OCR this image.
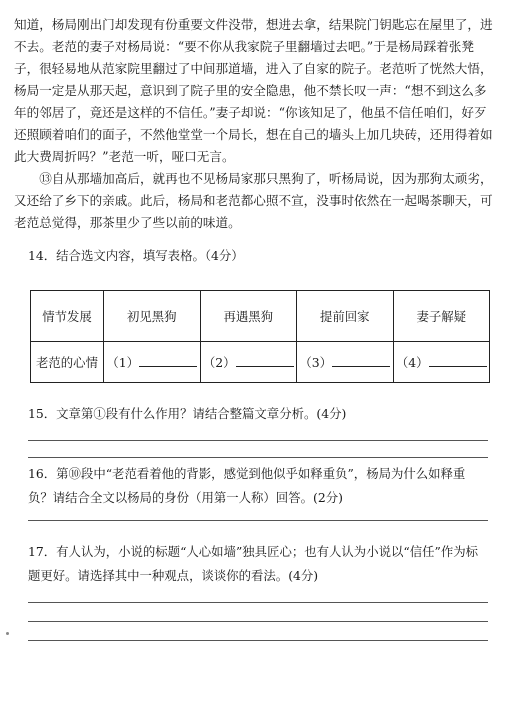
知道，杨局刚出门却发现有份重要文件没带，想进去拿，结果院门钥匙忘在屋里了，进不去。老范的妻子对杨局说：“要不你从我家院子里翻墙过去吧。”于是杨局踩着张凳子，很轻易地从范家院里翻过了中间那道墙，进入了自家的院子。老范听了恍然大悟，杨局一定是从那天起，意识到了院子里的安全隐患，他不禁长叹一声：“想不到这么多年的邻居了，竟还是这样的不信任。”妻子却说：“你该知足了，他虽不信任咱们，好歹还照顾着咱们的面子，不然他堂堂一个局长，想在自己的墙头上加几块砖，还用得着如此大费周折吗？”老范一听，哑口无言。

⑬自从那墙加高后，就再也不见杨局家那只黑狗了，听杨局说，因为那狗太顽劣，又还给了乡下的亲戚。此后，杨局和老范都心照不宣，没事时依然在一起喝茶聊天，可老范总觉得，那茶里少了些以前的味道。

14．结合选文内容，填写表格。（4分）

情节发展	初见黑狗	再遇黑狗	提前回家	妻子解疑
老范的心情	（1）	（2）	（3）	（4）

15．文章第①段有什么作用？请结合整篇文章分析。(4分)

16．第⑩段中“老范看着他的背影，感觉到他似乎如释重负”，杨局为什么如释重负？请结合全文以杨局的身份（用第一人称）回答。(2分)

17．有人认为，小说的标题“人心如墙”独具匠心；也有人认为小说以“信任”作为标题更好。请选择其中一种观点，谈谈你的看法。(4分)
